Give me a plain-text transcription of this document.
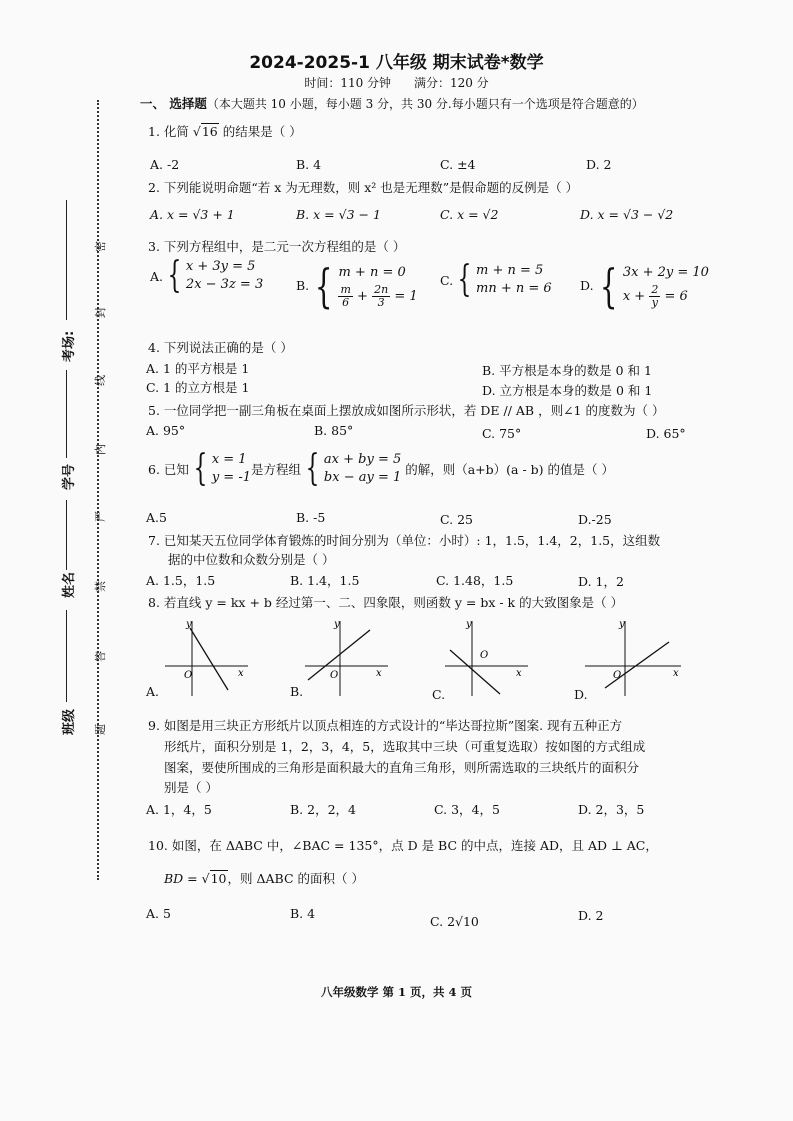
班级
姓名
学号
考场:
密
封
线
内
严
禁
答
题
2024-2025-1 八年级 期末试卷*数学
时间：110 分钟 满分：120 分
一、 选择题（本大题共 10 小题，每小题 3 分，共 30 分.每小题只有一个选项是符合题意的）
1. 化简 √16 的结果是（ ）
A. -2	B. 4	C. ±4	D. 2
2. 下列能说明命题“若 x 为无理数，则 x² 也是无理数”是假命题的反例是（ ）
A. x = √3 + 1	B. x = √3 − 1	C. x = √2	D. x = √3 − √2
3. 下列方程组中，是二元一次方程组的是（ ）
A. { x + 3y = 5
2x − 3z = 3	B. { m + n = 0
$\frac{m}{6} + \frac{2n}{3} = 1$
C. { m + n = 5
mn + n = 6 D. { 3x + 2y = 10
$x + \frac{2}{y} = 6$
4. 下列说法正确的是（ ）
A. 1 的平方根是 1	B. 平方根是本身的数是 0 和 1
C. 1 的立方根是 1	D. 立方根是本身的数是 0 和 1
5. 一位同学把一副三角板在桌面上摆放成如图所示形状，若 DE // AB ，则∠1 的度数为（ ）
A. 95°	B. 85°	C. 75°	D. 65°
6. 已知 { x = 1
y = -1
是方程组 { ax + by = 5
bx − ay = 1

的解，则（a+b）(a - b) 的值是（ ）
A.5	B. -5	C. 25	D.-25
7. 已知某天五位同学体育锻炼的时间分别为（单位：小时）: 1，1.5，1.4，2，1.5，这组数
据的中位数和众数分别是（ ）
A. 1.5，1.5	B. 1.4，1.5	C. 1.48，1.5	D. 1，2
8. 若直线 y = kx + b 经过第一、二、四象限，则函数 y = bx - k 的大致图象是（ ）
y
O	x
A.
y
O	x
B.
y
O
x
C.
y
O	x
D.
9. 如图是用三块正方形纸片以顶点相连的方式设计的“毕达哥拉斯”图案. 现有五种正方
形纸片，面积分别是 1，2，3，4，5，选取其中三块（可重复选取）按如图的方式组成
图案，要使所围成的三角形是面积最大的直角三角形，则所需选取的三块纸片的面积分
别是（ ）
A. 1，4，5	B. 2，2，4	C. 3，4，5	D. 2，3，5
10. 如图，在 ΔABC 中，∠BAC = 135°，点 D 是 BC 的中点，连接 AD，且 AD ⊥ AC，
BD = √10，则 ΔABC 的面积（ ）
A. 5	B. 4
C. 2√10	D. 2
八年级数学 第 1 页，共 4 页
